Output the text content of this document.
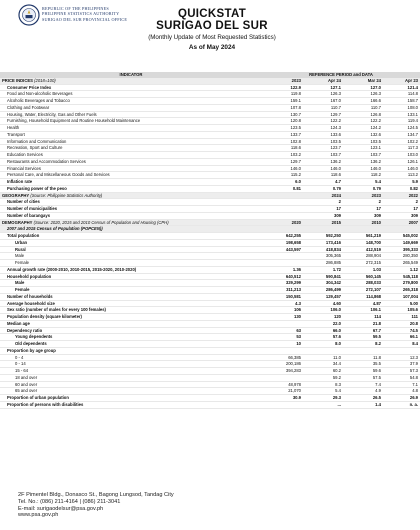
REPUBLIC OF THE PHILIPPINES
PHILIPPINE STATISTICS AUTHORITY
SURIGAO DEL SUR PROVINCIAL OFFICE	QUICKSTAT
SURIGAO DEL SUR
(Monthly Update of Most Requested Statistics)
As of May 2024
INDICATOR	REFERENCE PERIOD and DATA			
PRICE INDICES (2018=100)	2023	Apr 24	Mar 24	Apr 23
Consumer Price Index	122.9	127.1	127.0	121.4
Food and Non-alcoholic Beverages	119.8	126.3	126.3	114.8
Alcoholic Beverages and Tobacco	159.1	167.0	166.6	158.7
Clothing and Footwear	107.8	110.7	110.7	108.0
Housing, Water, Electricity, Gas and Other Fuels	130.7	129.7	126.8	133.1
Furnishing, Household Equipment and Routine Household Maintenance	120.8	122.2	122.2	119.4
Health	123.5	124.3	124.2	124.5
Transport	133.7	133.6	132.6	134.7
Information and Communication	102.8	103.5	103.5	102.2
Recreation, Sport and Culture	118.6	123.7	123.1	117.3
Education Services	103.2	103.7	103.7	103.0
Restaurants and Accommodation Services	129.7	136.2	136.2	126.1
Financial Services	146.0	146.0	146.0	146.0
Personal Care, and Miscellaneous Goods and Services	115.2	118.6	118.2	113.2
Inflation rate	6.0	4.7	5.4	5.9
Purchasing power of the peso	0.81	0.79	0.79	0.82
GEOGRAPHY (Source: Philippine Statistics Authority)		2024	2023	2022
Number of cities		2	2	2
Number of municipalities		17	17	17
Number of barangays		309	309	309
DEMOGRAPHY (Source: 2020, 2015 and 2010 Census of Population and Housing (CPH)	2020	2015	2010	2007
2007 and 2015 Census of Population (POPCEN))				
Total population	642,255	592,250	561,219	545,002
Urban	198,658	173,416	148,700	149,669
Rural	443,597	418,834	412,519	395,333
Male		305,365	288,904	280,350
Female		286,885	272,315	265,549
Annual growth rate (2000-2010, 2010-2015, 2015-2020, 2010-2020)	1.36	1.72	1.03	1.12
Household population	640,512	590,841	560,145	545,118
Male	329,299	304,342	288,033	279,800
Female	311,213	286,499	272,107	265,318
Number of households	150,581	129,457	114,868	107,004
Average household size	4.3	4.60	4.87	5.00
Sex ratio (number of males for every 100 females)	106	106.0	106.1	105.6
Population density (square kilometer)	130	120	114	111
Median age		22.0	21.8	20.8
Dependency ratio	63	66.0	67.7	74.5
Young dependents	53	57.6	59.5	66.1
Old dependents	10	8.0	8.2	8.4
Proportion by age group				
0 - 4	66,385	11.0	11.8	12.3
0 - 14	200,186	34.4	35.5	37.9
15 - 64	394,283	60.2	59.6	57.3
18 and over		59.2	57.5	54.8
60 and over	48,978	8.3	7.4	7.1
65 and over	21,070	5.4	4.9	4.8
Proportion of urban population	30.9	29.3	26.5	26.9
Proportion of persons with disabilities		...	1.4	n. a.
2F Pimentel Bldg., Donasco St., Bagong Lungsod, Tandag City
Tel. No.: (086) 211-4164 | (086) 211-3041
E-mail: surigaodelsur@psa.gov.ph
www.psa.gov.ph
